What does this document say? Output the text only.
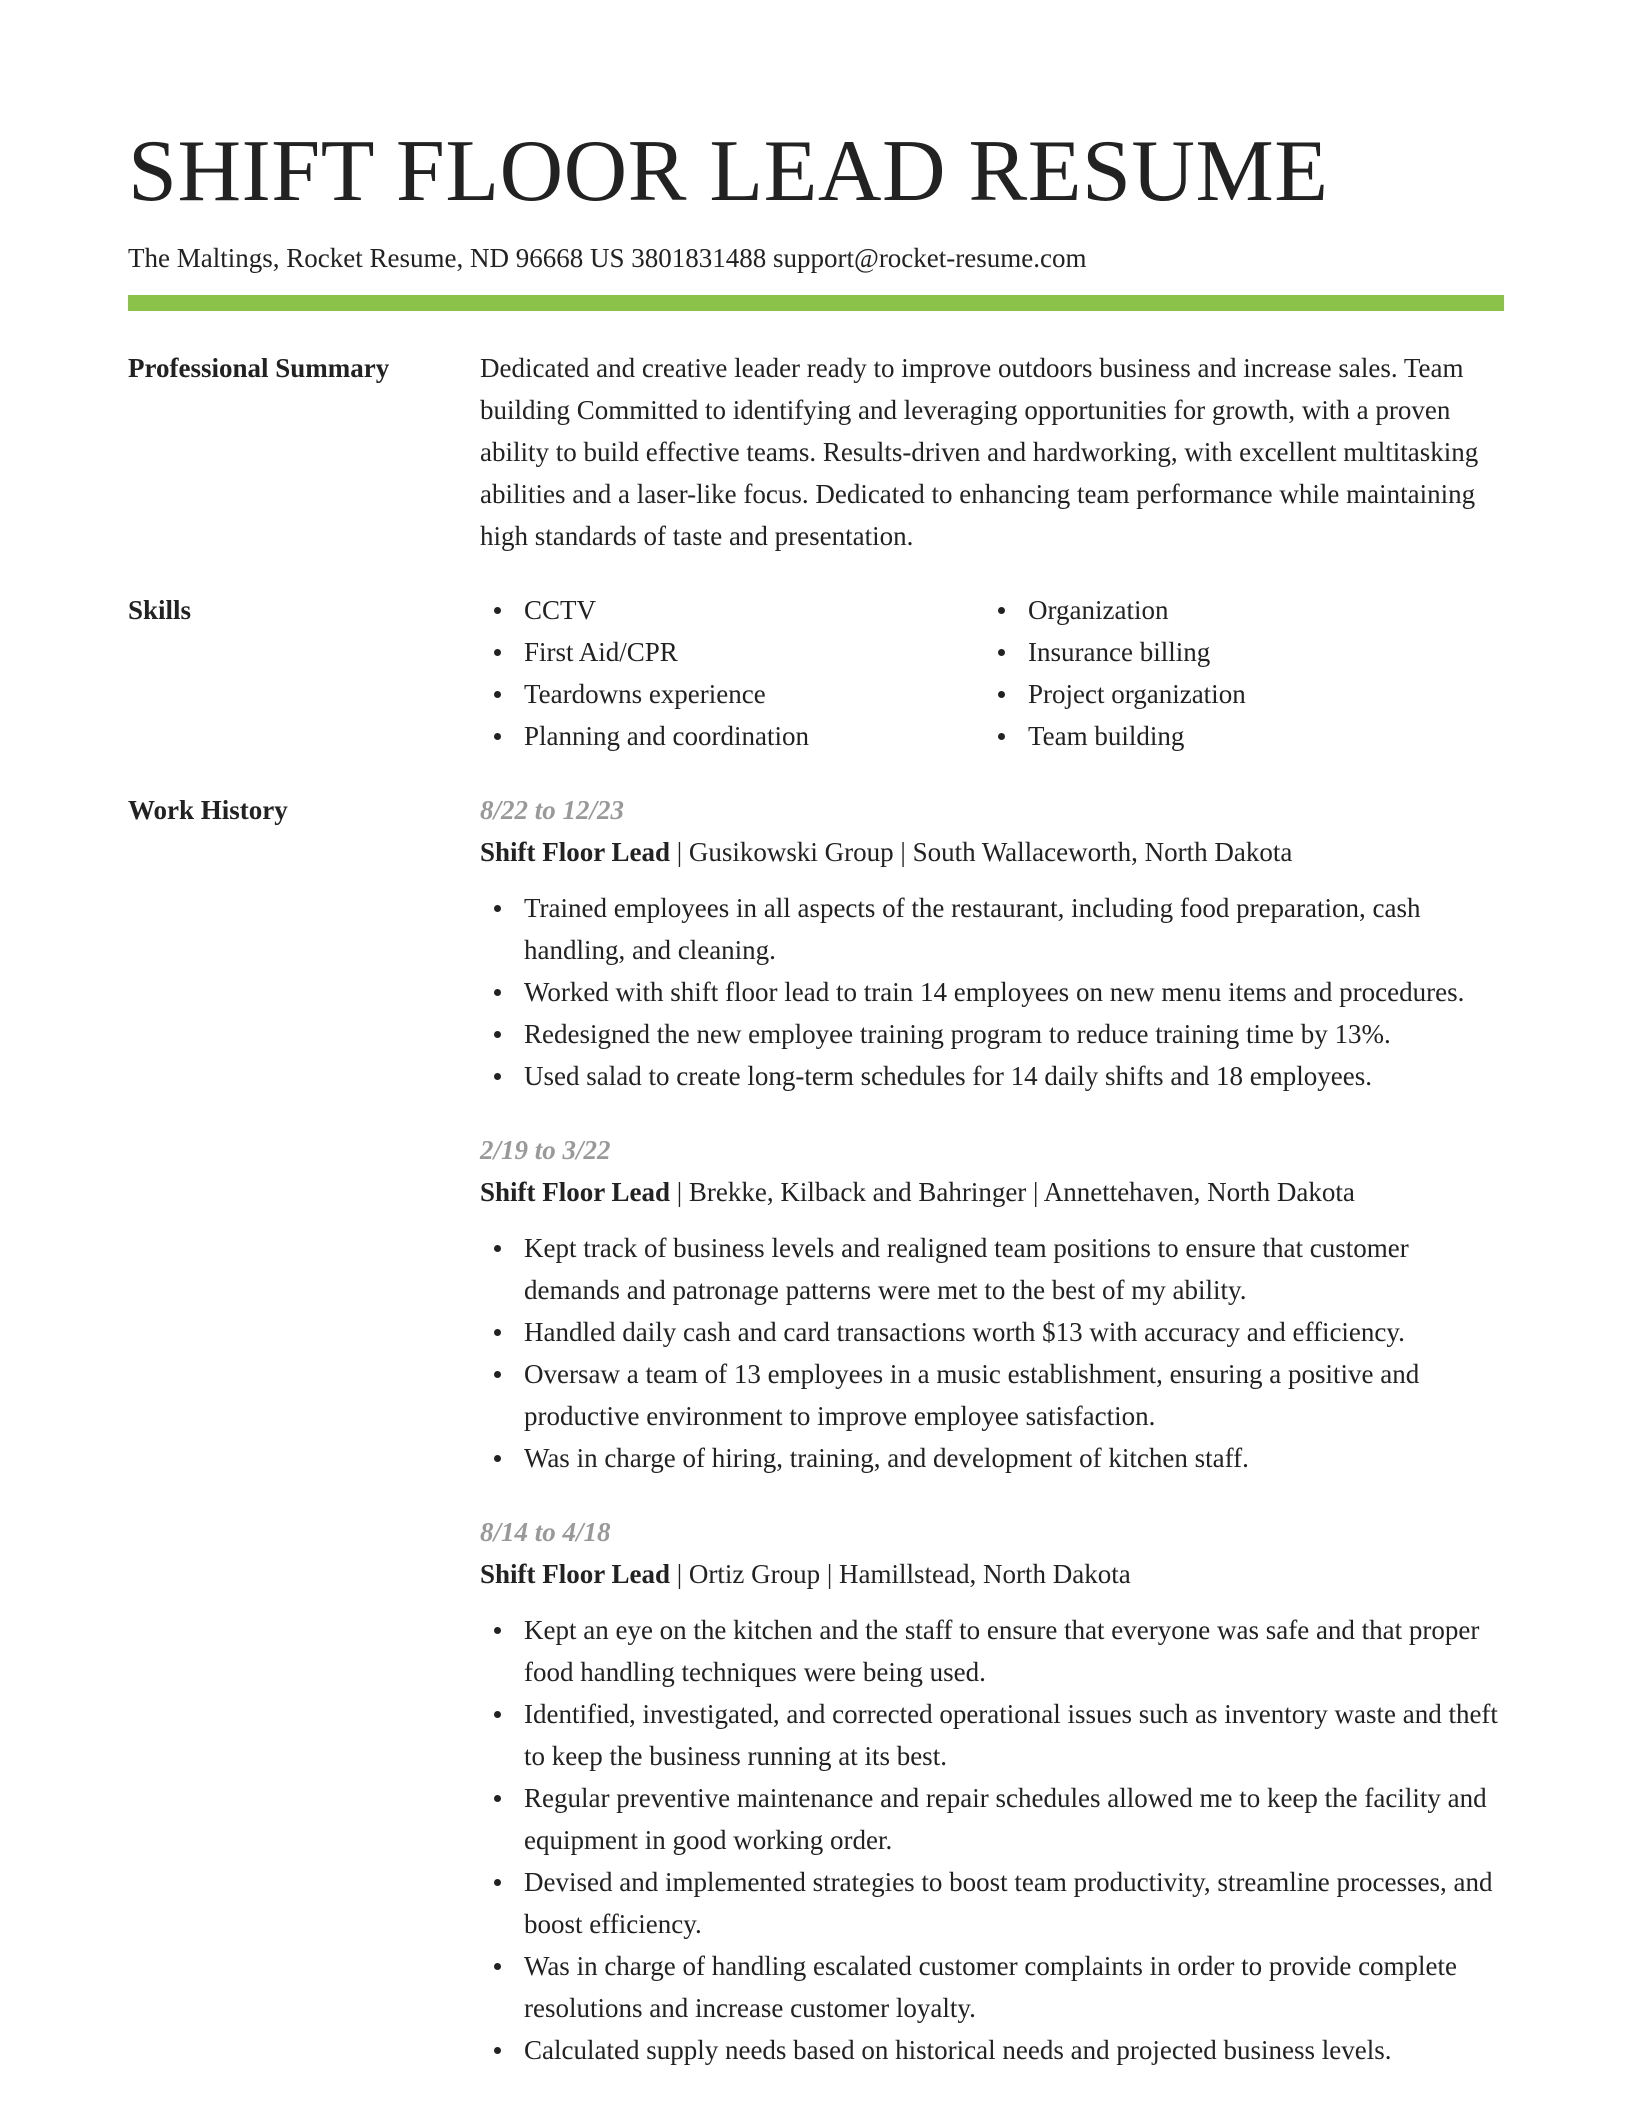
SHIFT FLOOR LEAD RESUME
The Maltings, Rocket Resume, ND 96668 US 3801831488 support@rocket-resume.com
Professional Summary	Dedicated and creative leader ready to improve outdoors business and increase sales. Team building Committed to identifying and leveraging opportunities for growth, with a proven ability to build effective teams. Results-driven and hardworking, with excellent multitasking abilities and a laser-like focus. Dedicated to enhancing team performance while maintaining high standards of taste and presentation.

Skills	CCTV
First Aid/CPR
Teardowns experience
Planning and coordination
Organization
Insurance billing
Project organization
Team building
Work History	8/22 to 12/23
Shift Floor Lead | Gusikowski Group | South Wallaceworth, North Dakota
Trained employees in all aspects of the restaurant, including food preparation, cash handling, and cleaning.
Worked with shift floor lead to train 14 employees on new menu items and procedures.
Redesigned the new employee training program to reduce training time by 13%.
Used salad to create long-term schedules for 14 daily shifts and 18 employees.
2/19 to 3/22
Shift Floor Lead | Brekke, Kilback and Bahringer | Annettehaven, North Dakota
Kept track of business levels and realigned team positions to ensure that customer demands and patronage patterns were met to the best of my ability.
Handled daily cash and card transactions worth $13 with accuracy and efficiency.
Oversaw a team of 13 employees in a music establishment, ensuring a positive and productive environment to improve employee satisfaction.
Was in charge of hiring, training, and development of kitchen staff.
8/14 to 4/18
Shift Floor Lead | Ortiz Group | Hamillstead, North Dakota
Kept an eye on the kitchen and the staff to ensure that everyone was safe and that proper food handling techniques were being used.
Identified, investigated, and corrected operational issues such as inventory waste and theft to keep the business running at its best.
Regular preventive maintenance and repair schedules allowed me to keep the facility and equipment in good working order.
Devised and implemented strategies to boost team productivity, streamline processes, and boost efficiency.
Was in charge of handling escalated customer complaints in order to provide complete resolutions and increase customer loyalty.
Calculated supply needs based on historical needs and projected business levels.
